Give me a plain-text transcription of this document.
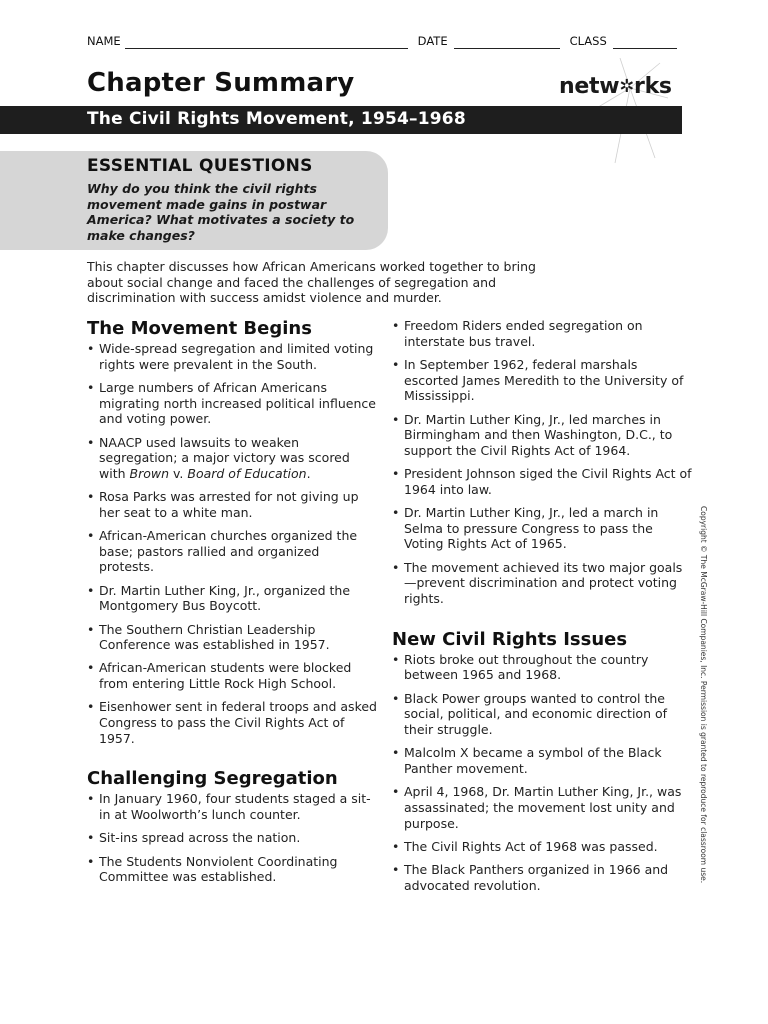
NAME	DATE	CLASS
Chapter Summary	netw✲rks
The Civil Rights Movement, 1954–1968
ESSENTIAL QUESTIONS
Why do you think the civil rights movement made gains in postwar America? What motivates a society to make changes?
This chapter discusses how African Americans worked together to bring about social change and faced the challenges of segregation and discrimination with success amidst violence and murder.
The Movement Begins
• Wide-spread segregation and limited voting rights were prevalent in the South.
• Large numbers of African Americans migrating north increased political influence and voting power.
• NAACP used lawsuits to weaken segregation; a major victory was scored with Brown v. Board of Education.
• Rosa Parks was arrested for not giving up her seat to a white man.
• African-American churches organized the base; pastors rallied and organized protests.
• Dr. Martin Luther King, Jr., organized the Montgomery Bus Boycott.
• The Southern Christian Leadership Conference was established in 1957.
• African-American students were blocked from entering Little Rock High School.
• Eisenhower sent in federal troops and asked Congress to pass the Civil Rights Act of 1957.
Challenging Segregation
• In January 1960, four students staged a sit-in at Woolworth’s lunch counter.
• Sit-ins spread across the nation.
• The Students Nonviolent Coordinating Committee was established.
• Freedom Riders ended segregation on interstate bus travel.
• In September 1962, federal marshals escorted James Meredith to the University of Mississippi.
• Dr. Martin Luther King, Jr., led marches in Birmingham and then Washington, D.C., to support the Civil Rights Act of 1964.
• President Johnson siged the Civil Rights Act of 1964 into law.
• Dr. Martin Luther King, Jr., led a march in Selma to pressure Congress to pass the Voting Rights Act of 1965.
• The movement achieved its two major goals—prevent discrimination and protect voting rights.
New Civil Rights Issues
• Riots broke out throughout the country between 1965 and 1968.
• Black Power groups wanted to control the social, political, and economic direction of their struggle.
• Malcolm X became a symbol of the Black Panther movement.
• April 4, 1968, Dr. Martin Luther King, Jr., was assassinated; the movement lost unity and purpose.
• The Civil Rights Act of 1968 was passed.
• The Black Panthers organized in 1966 and advocated revolution.
Copyright © The McGraw-Hill Companies, Inc. Permission is granted to reproduce for classroom use.
